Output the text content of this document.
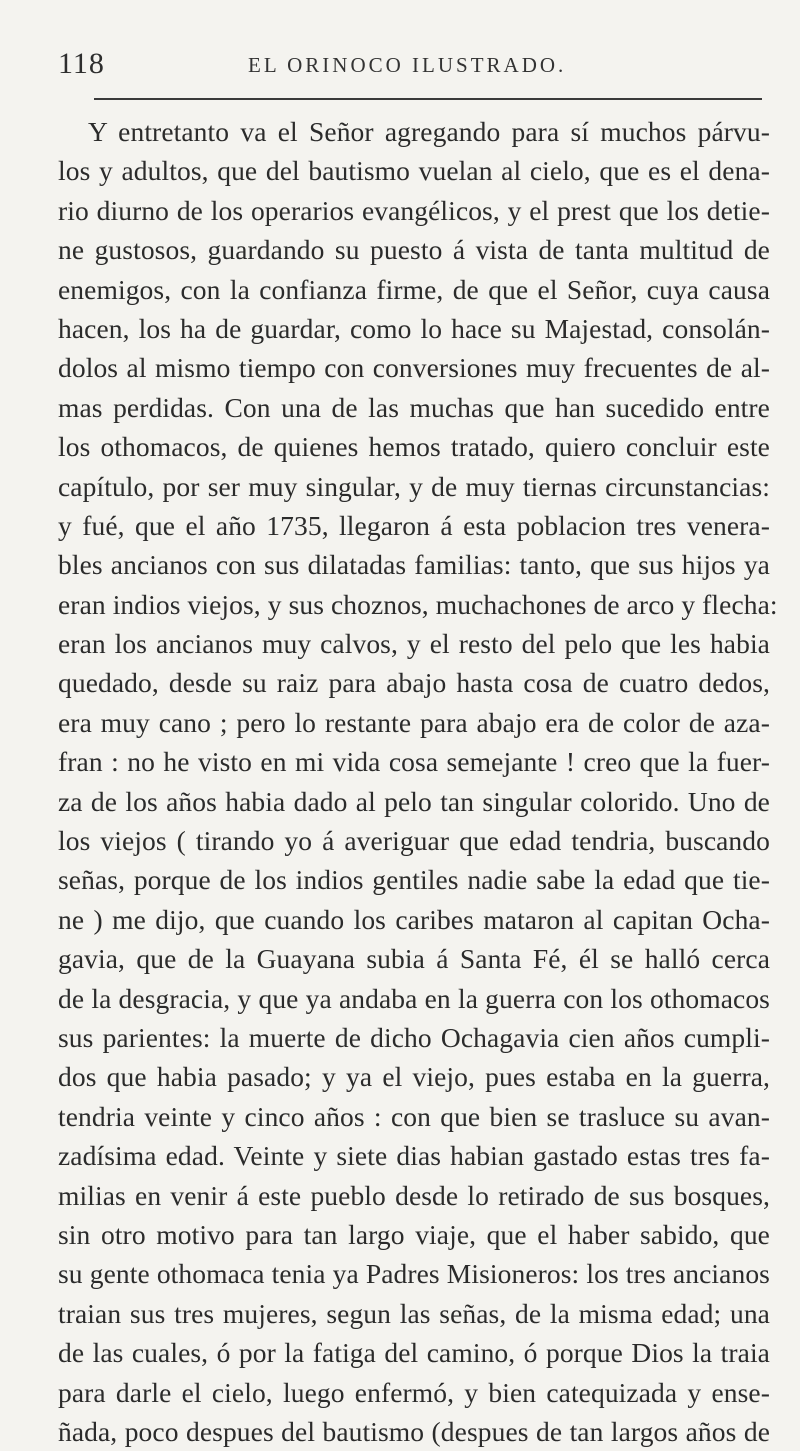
118	EL ORINOCO ILUSTRADO.
Y entretanto va el Señor agregando para sí muchos párvu-
los y adultos, que del bautismo vuelan al cielo, que es el dena-
rio diurno de los operarios evangélicos, y el prest que los detie-
ne gustosos, guardando su puesto á vista de tanta multitud de
enemigos, con la confianza firme, de que el Señor, cuya causa
hacen, los ha de guardar, como lo hace su Majestad, consolán-
dolos al mismo tiempo con conversiones muy frecuentes de al-
mas perdidas. Con una de las muchas que han sucedido entre
los othomacos, de quienes hemos tratado, quiero concluir este
capítulo, por ser muy singular, y de muy tiernas circunstancias:
y fué, que el año 1735, llegaron á esta poblacion tres venera-
bles ancianos con sus dilatadas familias: tanto, que sus hijos ya
eran indios viejos, y sus choznos, muchachones de arco y flecha:
eran los ancianos muy calvos, y el resto del pelo que les habia
quedado, desde su raiz para abajo hasta cosa de cuatro dedos,
era muy cano ; pero lo restante para abajo era de color de aza-
fran : no he visto en mi vida cosa semejante ! creo que la fuer-
za de los años habia dado al pelo tan singular colorido. Uno de
los viejos ( tirando yo á averiguar que edad tendria, buscando
señas, porque de los indios gentiles nadie sabe la edad que tie-
ne ) me dijo, que cuando los caribes mataron al capitan Ocha-
gavia, que de la Guayana subia á Santa Fé, él se halló cerca
de la desgracia, y que ya andaba en la guerra con los othomacos
sus parientes: la muerte de dicho Ochagavia cien años cumpli-
dos que habia pasado; y ya el viejo, pues estaba en la guerra,
tendria veinte y cinco años : con que bien se trasluce su avan-
zadísima edad. Veinte y siete dias habian gastado estas tres fa-
milias en venir á este pueblo desde lo retirado de sus bosques,
sin otro motivo para tan largo viaje, que el haber sabido, que
su gente othomaca tenia ya Padres Misioneros: los tres ancianos
traian sus tres mujeres, segun las señas, de la misma edad; una
de las cuales, ó por la fatiga del camino, ó porque Dios la traia
para darle el cielo, luego enfermó, y bien catequizada y ense-
ñada, poco despues del bautismo (despues de tan largos años de
